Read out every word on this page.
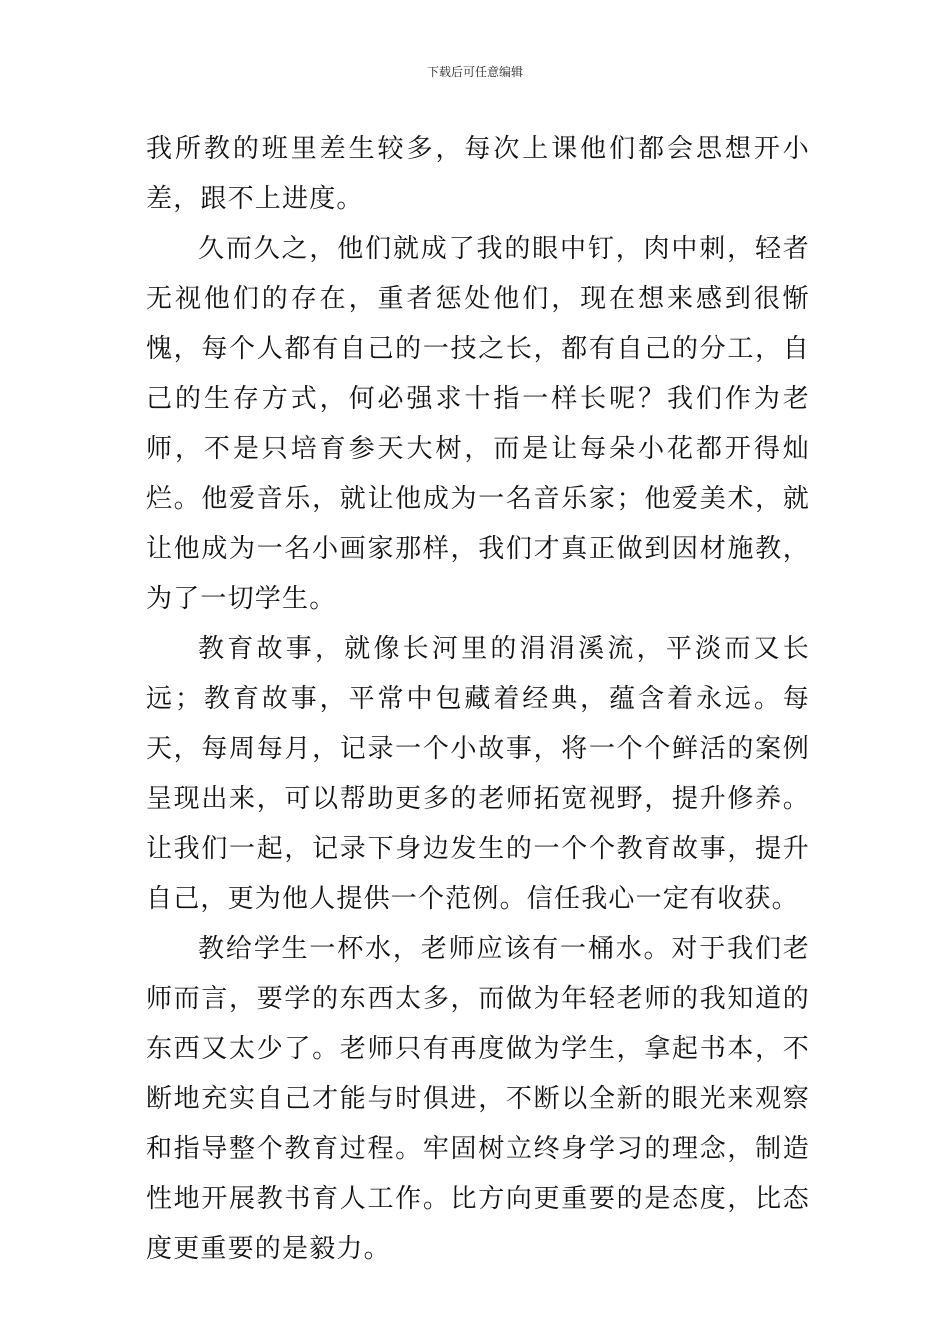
下载后可任意编辑

我所教的班里差生较多，每次上课他们都会思想开小差，跟不上进度。

久而久之，他们就成了我的眼中钉，肉中刺，轻者无视他们的存在，重者惩处他们，现在想来感到很惭愧，每个人都有自己的一技之长，都有自己的分工，自己的生存方式，何必强求十指一样长呢？我们作为老师，不是只培育参天大树，而是让每朵小花都开得灿烂。他爱音乐，就让他成为一名音乐家；他爱美术，就让他成为一名小画家那样，我们才真正做到因材施教，为了一切学生。

教育故事，就像长河里的涓涓溪流，平淡而又长远；教育故事，平常中包藏着经典，蕴含着永远。每天，每周每月，记录一个小故事，将一个个鲜活的案例呈现出来，可以帮助更多的老师拓宽视野，提升修养。让我们一起，记录下身边发生的一个个教育故事，提升自己，更为他人提供一个范例。信任我心一定有收获。

教给学生一杯水，老师应该有一桶水。对于我们老师而言，要学的东西太多，而做为年轻老师的我知道的东西又太少了。老师只有再度做为学生，拿起书本，不断地充实自己才能与时俱进，不断以全新的眼光来观察和指导整个教育过程。牢固树立终身学习的理念，制造性地开展教书育人工作。比方向更重要的是态度，比态度更重要的是毅力。
